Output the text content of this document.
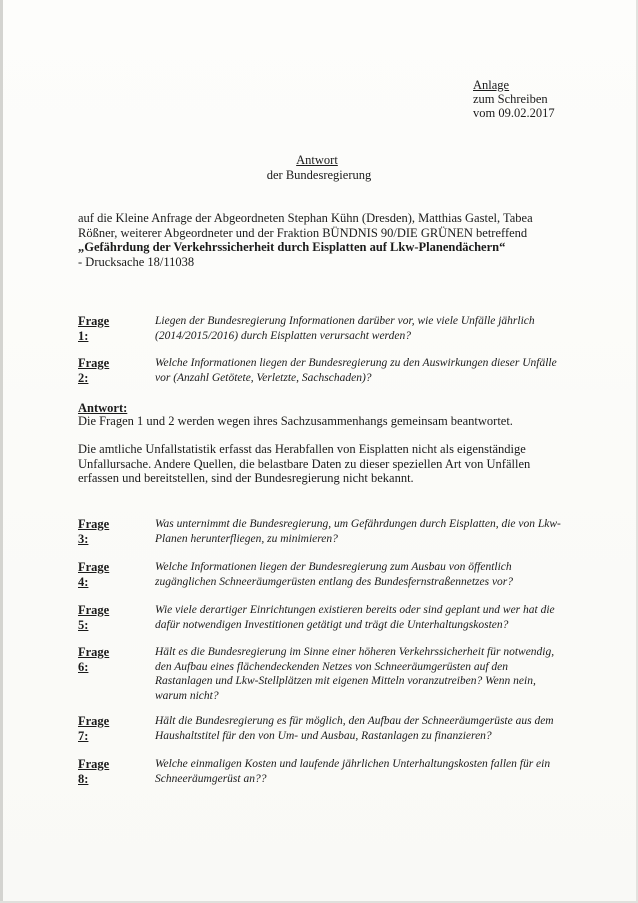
Anlage
zum Schreiben
vom 09.02.2017
Antwort
der Bundesregierung
auf die Kleine Anfrage der Abgeordneten Stephan Kühn (Dresden), Matthias Gastel, Tabea
Rößner, weiterer Abgeordneter und der Fraktion BÜNDNIS 90/DIE GRÜNEN betreffend
„Gefährdung der Verkehrssicherheit durch Eisplatten auf Lkw-Planendächern“
- Drucksache 18/11038
Frage 1:
Liegen der Bundesregierung Informationen darüber vor, wie viele Unfälle jährlich (2014/2015/2016) durch Eisplatten verursacht werden?
Frage 2:
Welche Informationen liegen der Bundesregierung zu den Auswirkungen dieser Unfälle vor (Anzahl Getötete, Verletzte, Sachschaden)?
Antwort:
Die Fragen 1 und 2 werden wegen ihres Sachzusammenhangs gemeinsam beantwortet.
Die amtliche Unfallstatistik erfasst das Herabfallen von Eisplatten nicht als eigenständige Unfallursache. Andere Quellen, die belastbare Daten zu dieser speziellen Art von Unfällen erfassen und bereitstellen, sind der Bundesregierung nicht bekannt.
Frage 3:
Was unternimmt die Bundesregierung, um Gefährdungen durch Eisplatten, die von Lkw-Planen herunterfliegen, zu minimieren?
Frage 4:
Welche Informationen liegen der Bundesregierung zum Ausbau von öffentlich zugänglichen Schneeräumgerüsten entlang des Bundesfernstraßennetzes vor?
Frage 5:
Wie viele derartiger Einrichtungen existieren bereits oder sind geplant und wer hat die dafür notwendigen Investitionen getätigt und trägt die Unterhaltungskosten?
Frage 6:
Hält es die Bundesregierung im Sinne einer höheren Verkehrssicherheit für notwendig, den Aufbau eines flächendeckenden Netzes von Schneeräumgerüsten auf den Rastanlagen und Lkw-Stellplätzen mit eigenen Mitteln voranzutreiben? Wenn nein, warum nicht?
Frage 7:
Hält die Bundesregierung es für möglich, den Aufbau der Schneeräumgerüste aus dem Haushaltstitel für den von Um- und Ausbau, Rastanlagen zu finanzieren?
Frage 8:
Welche einmaligen Kosten und laufende jährlichen Unterhaltungskosten fallen für ein Schneeräumgerüst an??
